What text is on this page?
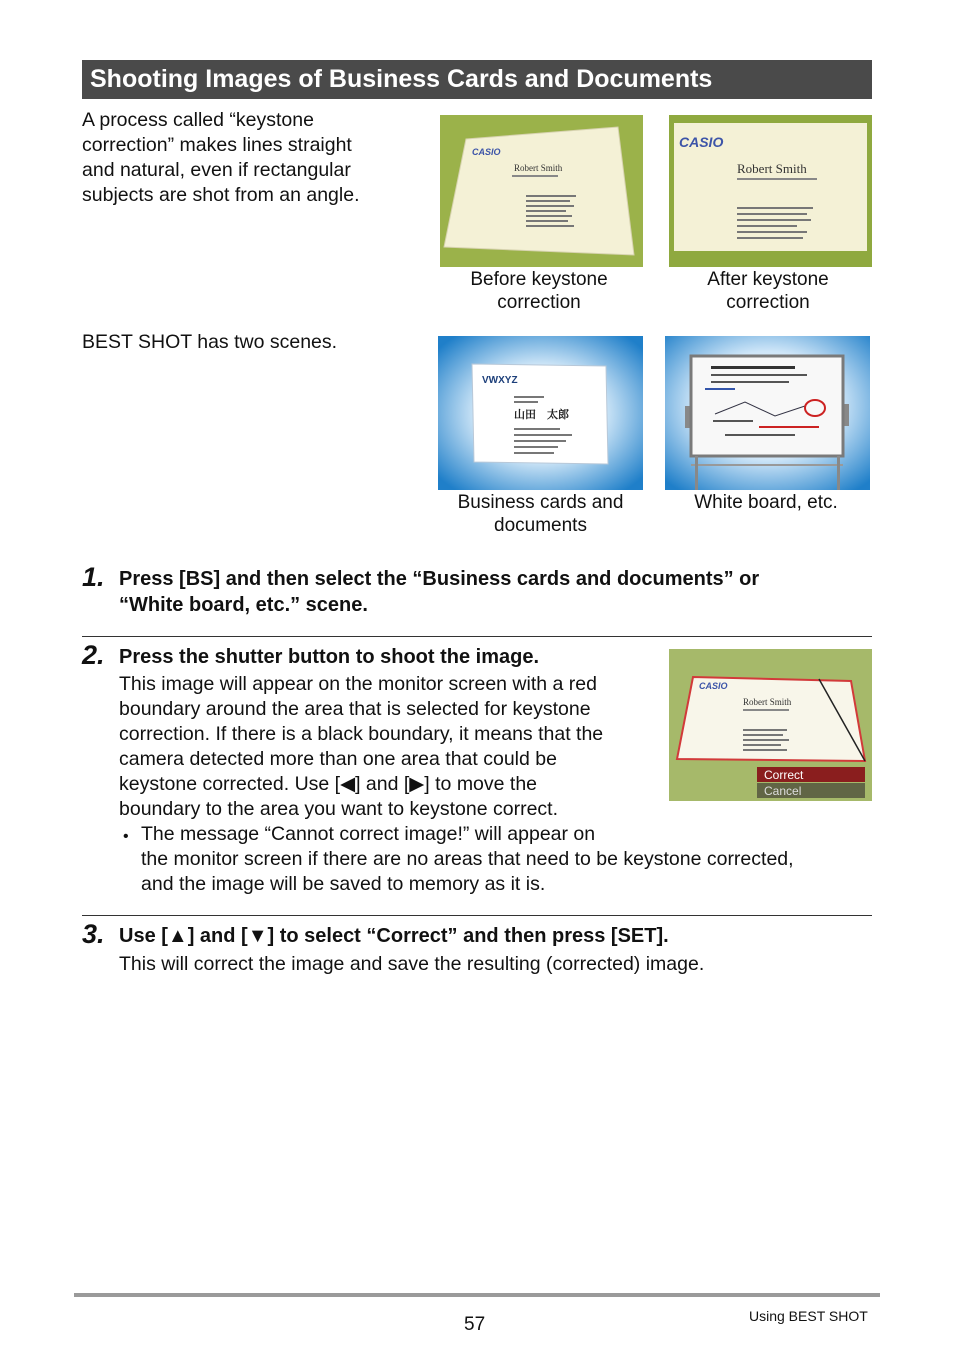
Shooting Images of Business Cards and Documents
A process called “keystone
correction” makes lines straight
and natural, even if rectangular
subjects are shot from an angle.
CASIO
Robert Smith
Before keystone
correction
CASIO
Robert Smith
After keystone
correction
BEST SHOT has two scenes.
VWXYZ
山田　太郎
Business cards and
documents
White board, etc.
1. Press [BS] and then select the “Business cards and documents” or
“White board, etc.” scene.
2. Press the shutter button to shoot the image.
This image will appear on the monitor screen with a red
boundary around the area that is selected for keystone
correction. If there is a black boundary, it means that the
camera detected more than one area that could be
keystone corrected. Use [◀] and [▶] to move the
boundary to the area you want to keystone correct.
• The message “Cannot correct image!” will appear on
the monitor screen if there are no areas that need to be keystone corrected,
and the image will be saved to memory as it is.
CASIO
Robert Smith
Correct
Cancel
3. Use [▲] and [▼] to select “Correct” and then press [SET].
This will correct the image and save the resulting (corrected) image.
57	Using BEST SHOT
